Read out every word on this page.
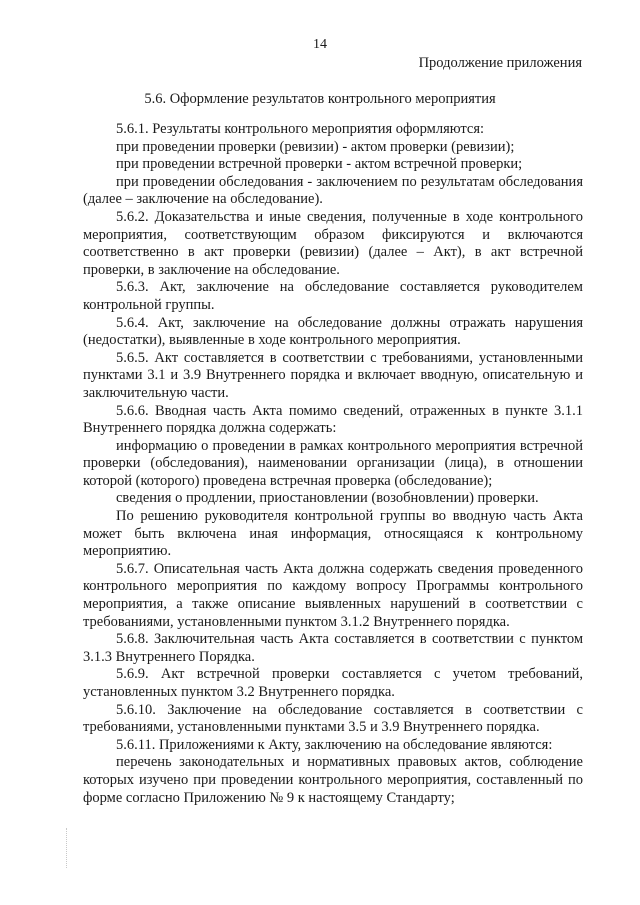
14
Продолжение приложения
5.6. Оформление результатов контрольного мероприятия

5.6.1. Результаты контрольного мероприятия оформляются:

при проведении проверки (ревизии) - актом проверки (ревизии);

при проведении встречной проверки - актом встречной проверки;

при проведении обследования - заключением по результатам обследования (далее – заключение на обследование).

5.6.2. Доказательства и иные сведения, полученные в ходе контрольного мероприятия, соответствующим образом фиксируются и включаются соответственно в акт проверки (ревизии) (далее – Акт), в акт встречной проверки, в заключение на обследование.

5.6.3. Акт, заключение на обследование составляется руководителем контрольной группы.

5.6.4. Акт, заключение на обследование должны отражать нарушения (недостатки), выявленные в ходе контрольного мероприятия.

5.6.5. Акт составляется в соответствии с требованиями, установленными пунктами 3.1 и 3.9 Внутреннего порядка и включает вводную, описательную и заключительную части.

5.6.6. Вводная часть Акта помимо сведений, отраженных в пункте 3.1.1 Внутреннего порядка должна содержать:

информацию о проведении в рамках контрольного мероприятия встречной проверки (обследования), наименовании организации (лица), в отношении которой (которого) проведена встречная проверка (обследование);

сведения о продлении, приостановлении (возобновлении) проверки.

По решению руководителя контрольной группы во вводную часть Акта может быть включена иная информация, относящаяся к контрольному мероприятию.

5.6.7. Описательная часть Акта должна содержать сведения проведенного контрольного мероприятия по каждому вопросу Программы контрольного мероприятия, а также описание выявленных нарушений в соответствии с требованиями, установленными пунктом 3.1.2 Внутреннего порядка.

5.6.8. Заключительная часть Акта составляется в соответствии с пунктом 3.1.3 Внутреннего Порядка.

5.6.9. Акт встречной проверки составляется с учетом требований, установленных пунктом 3.2 Внутреннего порядка.

5.6.10. Заключение на обследование составляется в соответствии с требованиями, установленными пунктами 3.5 и 3.9 Внутреннего порядка.

5.6.11. Приложениями к Акту, заключению на обследование являются:

перечень законодательных и нормативных правовых актов, соблюдение которых изучено при проведении контрольного мероприятия, составленный по форме согласно Приложению № 9 к настоящему Стандарту;
